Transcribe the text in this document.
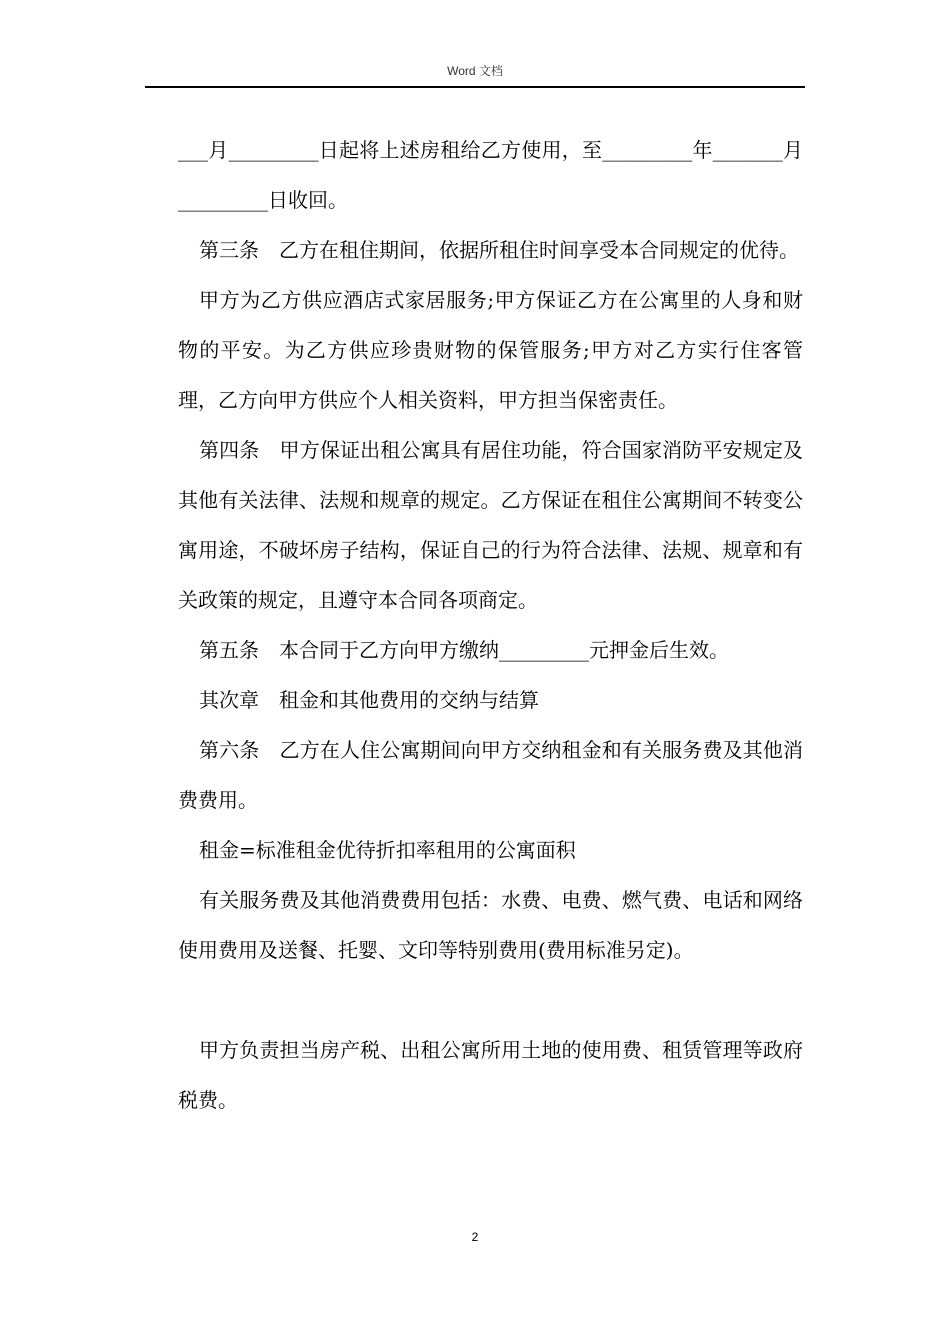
Word 文档

___月_________日起将上述房租给乙方使用，至_________年_______月_________日收回。

第三条　乙方在租住期间，依据所租住时间享受本合同规定的优待。

甲方为乙方供应酒店式家居服务;甲方保证乙方在公寓里的人身和财物的平安。为乙方供应珍贵财物的保管服务;甲方对乙方实行住客管理，乙方向甲方供应个人相关资料，甲方担当保密责任。

第四条　甲方保证出租公寓具有居住功能，符合国家消防平安规定及其他有关法律、法规和规章的规定。乙方保证在租住公寓期间不转变公寓用途，不破坏房子结构，保证自己的行为符合法律、法规、规章和有关政策的规定，且遵守本合同各项商定。

第五条　本合同于乙方向甲方缴纳_________元押金后生效。

其次章　租金和其他费用的交纳与结算

第六条　乙方在人住公寓期间向甲方交纳租金和有关服务费及其他消费费用。

租金=标准租金优待折扣率租用的公寓面积

有关服务费及其他消费费用包括：水费、电费、燃气费、电话和网络使用费用及送餐、托婴、文印等特别费用(费用标准另定)。

甲方负责担当房产税、出租公寓所用土地的使用费、租赁管理等政府税费。

2
